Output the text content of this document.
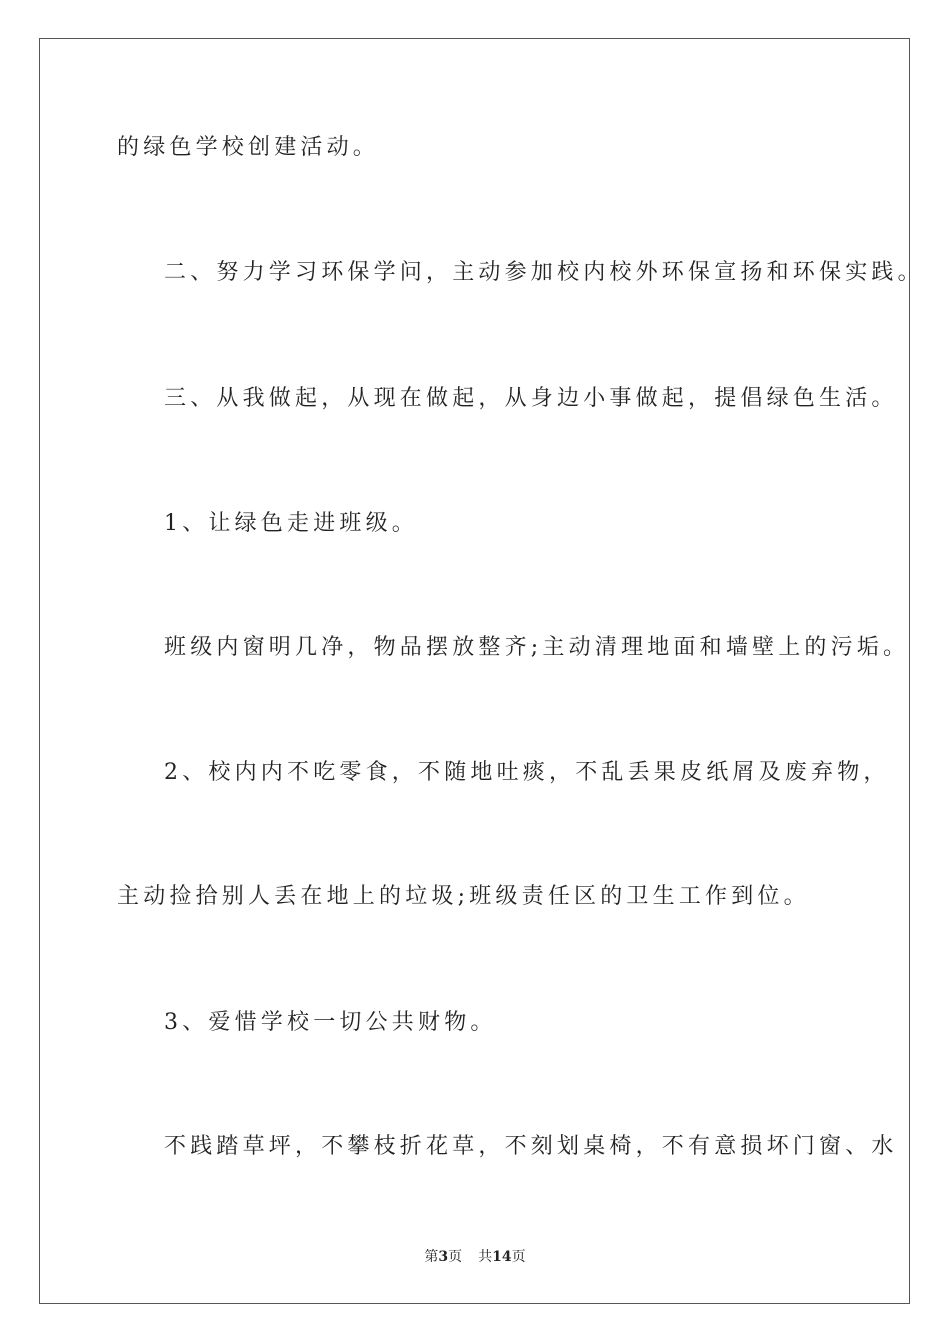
的绿色学校创建活动。

二、努力学习环保学问，主动参加校内校外环保宣扬和环保实践。

三、从我做起，从现在做起，从身边小事做起，提倡绿色生活。

1、让绿色走进班级。

班级内窗明几净，物品摆放整齐;主动清理地面和墙壁上的污垢。

2、校内内不吃零食，不随地吐痰，不乱丢果皮纸屑及废弃物，

主动捡拾别人丢在地上的垃圾;班级责任区的卫生工作到位。

3、爱惜学校一切公共财物。

不践踏草坪，不攀枝折花草，不刻划桌椅，不有意损坏门窗、水

第3页 共14页
